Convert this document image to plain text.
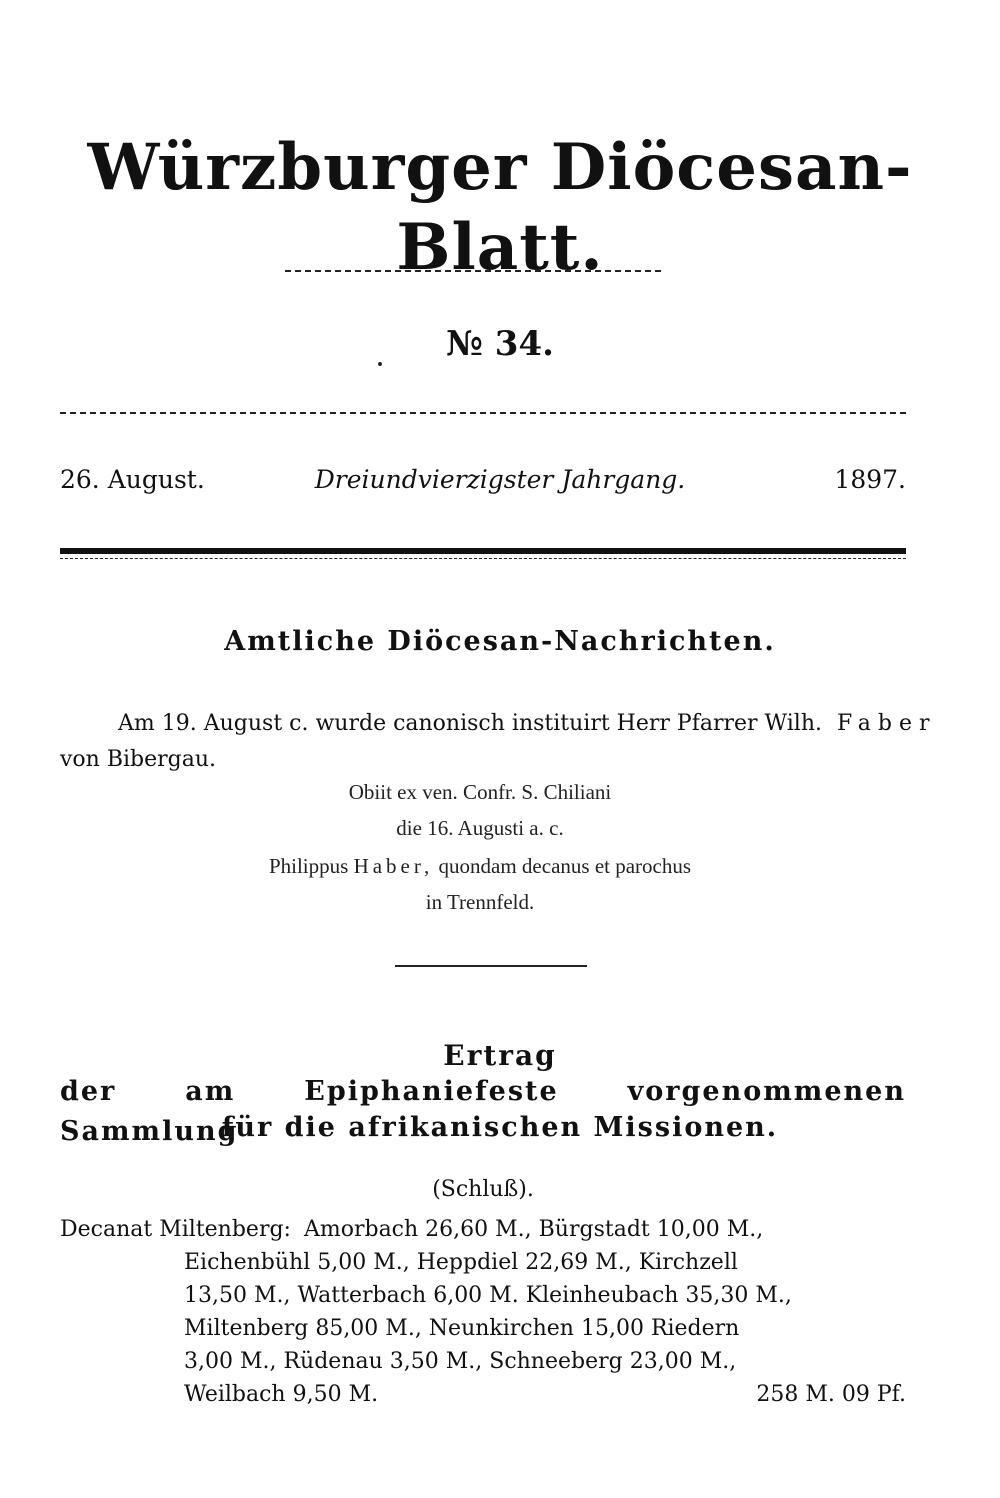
Würzburger Diöcesan-Blatt.
№ 34.
26. August.	Dreiundvierzigster Jahrgang.	1897.
Amtliche Diöcesan-Nachrichten.
Am 19. August c. wurde canonisch instituirt Herr Pfarrer Wilh. Faber
von Bibergau.
Obiit ex ven. Confr. S. Chiliani
die 16. Augusti a. c.
Philippus Haber, quondam decanus et parochus
in Trennfeld.
Ertrag
der am Epiphaniefeste vorgenommenen Sammlung
für die afrikanischen Missionen.
(Schluß).
Decanat Miltenberg: Amorbach 26,60 M., Bürgstadt 10,00 M.,
Eichenbühl 5,00 M., Heppdiel 22,69 M., Kirchzell
13,50 M., Watterbach 6,00 M. Kleinheubach 35,30 M.,
Miltenberg 85,00 M., Neunkirchen 15,00 Riedern
3,00 M., Rüdenau 3,50 M., Schneeberg 23,00 M.,
Weilbach 9,50 M.	258 M. 09 Pf.
